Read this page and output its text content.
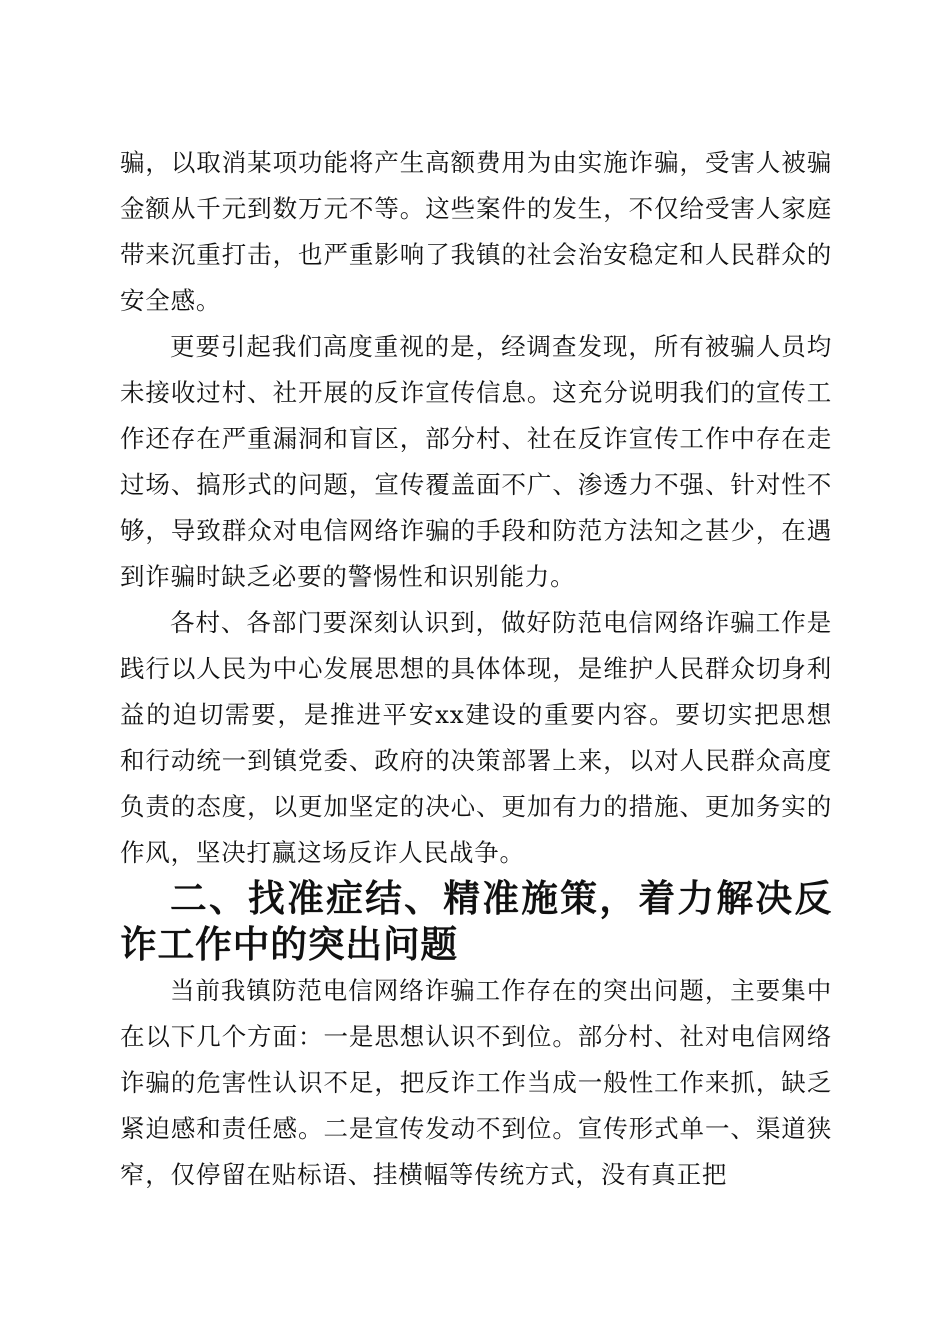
骗，以取消某项功能将产生高额费用为由实施诈骗，受害人被骗金额从千元到数万元不等。这些案件的发生，不仅给受害人家庭带来沉重打击，也严重影响了我镇的社会治安稳定和人民群众的安全感。

更要引起我们高度重视的是，经调查发现，所有被骗人员均未接收过村、社开展的反诈宣传信息。这充分说明我们的宣传工作还存在严重漏洞和盲区，部分村、社在反诈宣传工作中存在走过场、搞形式的问题，宣传覆盖面不广、渗透力不强、针对性不够，导致群众对电信网络诈骗的手段和防范方法知之甚少，在遇到诈骗时缺乏必要的警惕性和识别能力。

各村、各部门要深刻认识到，做好防范电信网络诈骗工作是践行以人民为中心发展思想的具体体现，是维护人民群众切身利益的迫切需要，是推进平安xx建设的重要内容。要切实把思想和行动统一到镇党委、政府的决策部署上来，以对人民群众高度负责的态度，以更加坚定的决心、更加有力的措施、更加务实的作风，坚决打赢这场反诈人民战争。

二、找准症结、精准施策，着力解决反诈工作中的突出问题

当前我镇防范电信网络诈骗工作存在的突出问题，主要集中在以下几个方面：一是思想认识不到位。部分村、社对电信网络诈骗的危害性认识不足，把反诈工作当成一般性工作来抓，缺乏紧迫感和责任感。二是宣传发动不到位。宣传形式单一、渠道狭窄，仅停留在贴标语、挂横幅等传统方式，没有真正把
